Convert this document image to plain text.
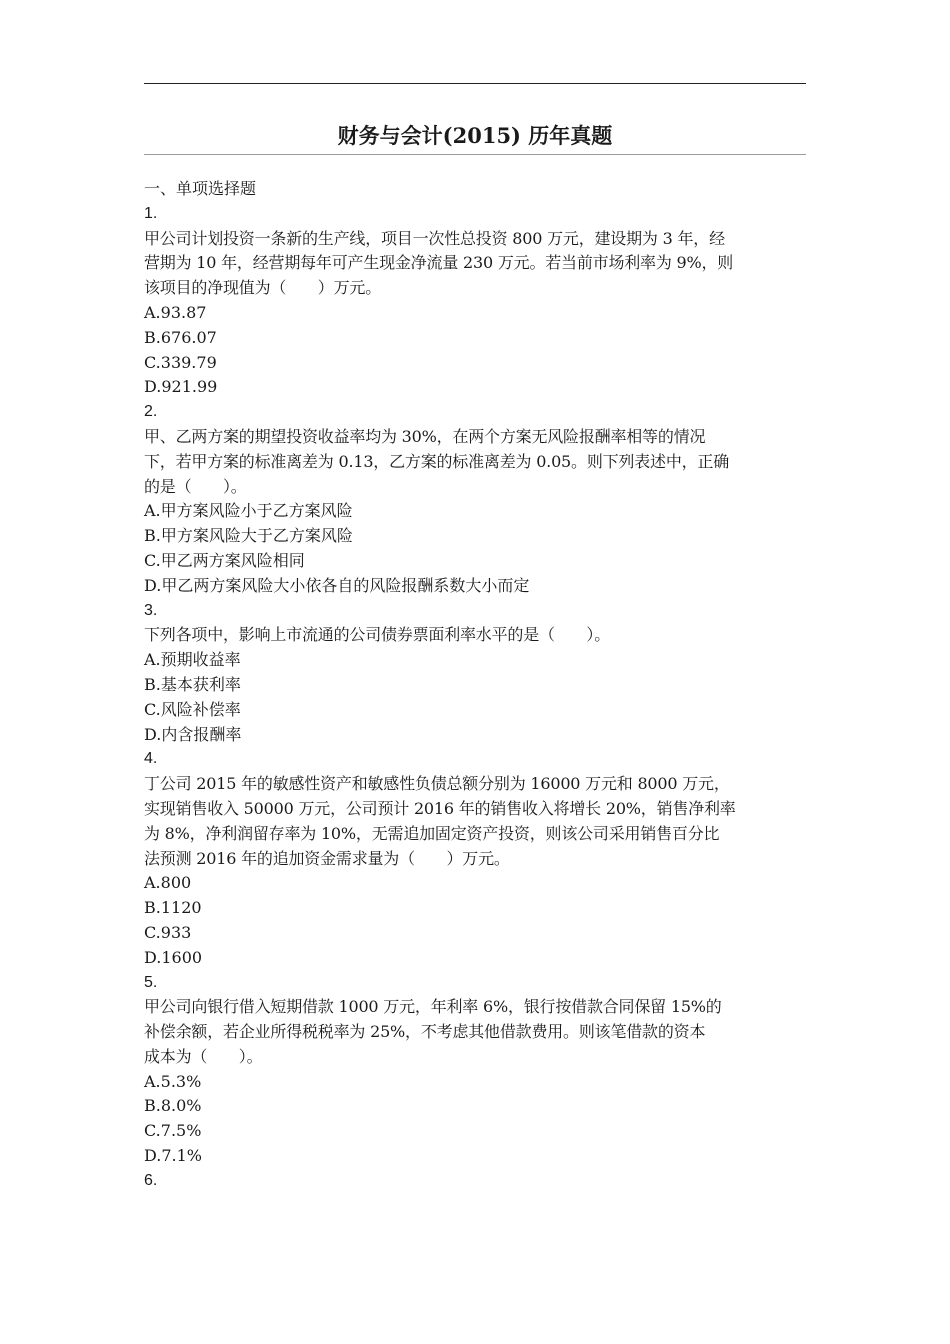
财务与会计(2015) 历年真题
一、单项选择题
1.
甲公司计划投资一条新的生产线，项目一次性总投资 800 万元，建设期为 3 年，经
营期为 10 年，经营期每年可产生现金净流量 230 万元。若当前市场利率为 9%，则
该项目的净现值为（　　）万元。
A.93.87
B.676.07
C.339.79
D.921.99
2.
甲、乙两方案的期望投资收益率均为 30%，在两个方案无风险报酬率相等的情况
下，若甲方案的标准离差为 0.13，乙方案的标准离差为 0.05。则下列表述中，正确
的是（　　）。
A.甲方案风险小于乙方案风险
B.甲方案风险大于乙方案风险
C.甲乙两方案风险相同
D.甲乙两方案风险大小依各自的风险报酬系数大小而定
3.
下列各项中，影响上市流通的公司债券票面利率水平的是（　　）。
A.预期收益率
B.基本获利率
C.风险补偿率
D.内含报酬率
4.
丁公司 2015 年的敏感性资产和敏感性负债总额分别为 16000 万元和 8000 万元，
实现销售收入 50000 万元，公司预计 2016 年的销售收入将增长 20%，销售净利率
为 8%，净利润留存率为 10%，无需追加固定资产投资，则该公司采用销售百分比
法预测 2016 年的追加资金需求量为（　　）万元。
A.800
B.1120
C.933
D.1600
5.
甲公司向银行借入短期借款 1000 万元，年利率 6%，银行按借款合同保留 15%的
补偿余额，若企业所得税税率为 25%，不考虑其他借款费用。则该笔借款的资本
成本为（　　）。
A.5.3%
B.8.0%
C.7.5%
D.7.1%
6.
